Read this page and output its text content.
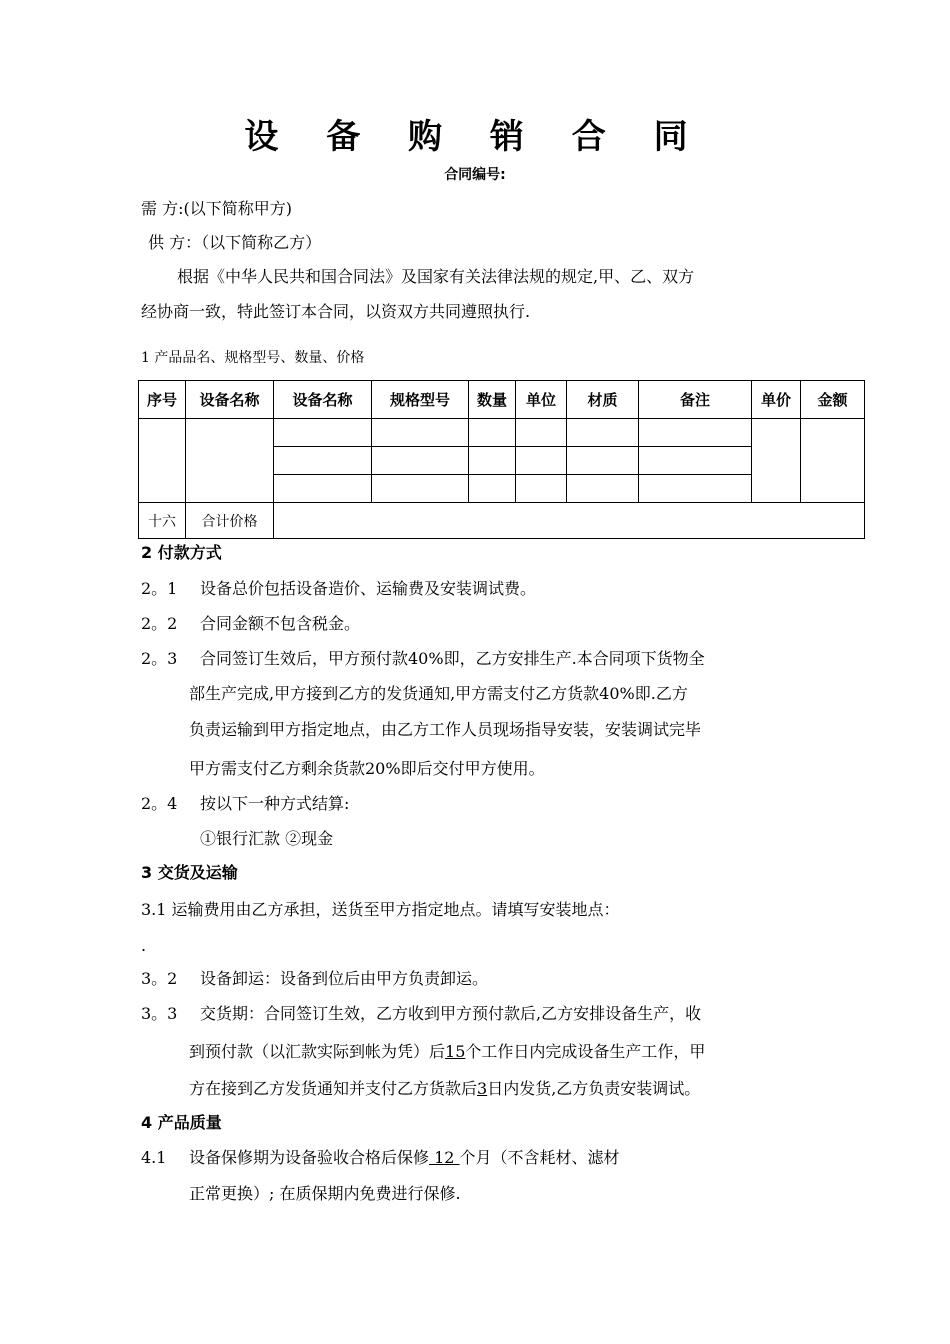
设 备 购 销 合 同
合同编号:
需 方:(以下简称甲方)
供 方：（以下简称乙方）
根据《中华人民共和国合同法》及国家有关法律法规的规定,甲、乙、双方
经协商一致，特此签订本合同，以资双方共同遵照执行.
1 产品品名、规格型号、数量、价格
序号	设备名称	设备名称	规格型号	数量	单位	材质	备注	单价	金额

十六	合计价格								
2 付款方式
2。1 设备总价包括设备造价、运输费及安装调试费。
2。2 合同金额不包含税金。
2。3 合同签订生效后，甲方预付款40%即，乙方安排生产.本合同项下货物全
部生产完成,甲方接到乙方的发货通知,甲方需支付乙方货款40%即.乙方
负责运输到甲方指定地点，由乙方工作人员现场指导安装，安装调试完毕
甲方需支付乙方剩余货款20%即后交付甲方使用。
2。4 按以下一种方式结算:
①银行汇款 ②现金
3 交货及运输
3.1 运输费用由乙方承担，送货至甲方指定地点。请填写安装地点：
.
3。2 设备卸运：设备到位后由甲方负责卸运。
3。3 交货期：合同签订生效，乙方收到甲方预付款后,乙方安排设备生产，收
到预付款（以汇款实际到帐为凭）后15个工作日内完成设备生产工作，甲
方在接到乙方发货通知并支付乙方货款后3日内发货,乙方负责安装调试。
4 产品质量
4.1 设备保修期为设备验收合格后保修 12 个月（不含耗材、滤材
正常更换）; 在质保期内免费进行保修.
